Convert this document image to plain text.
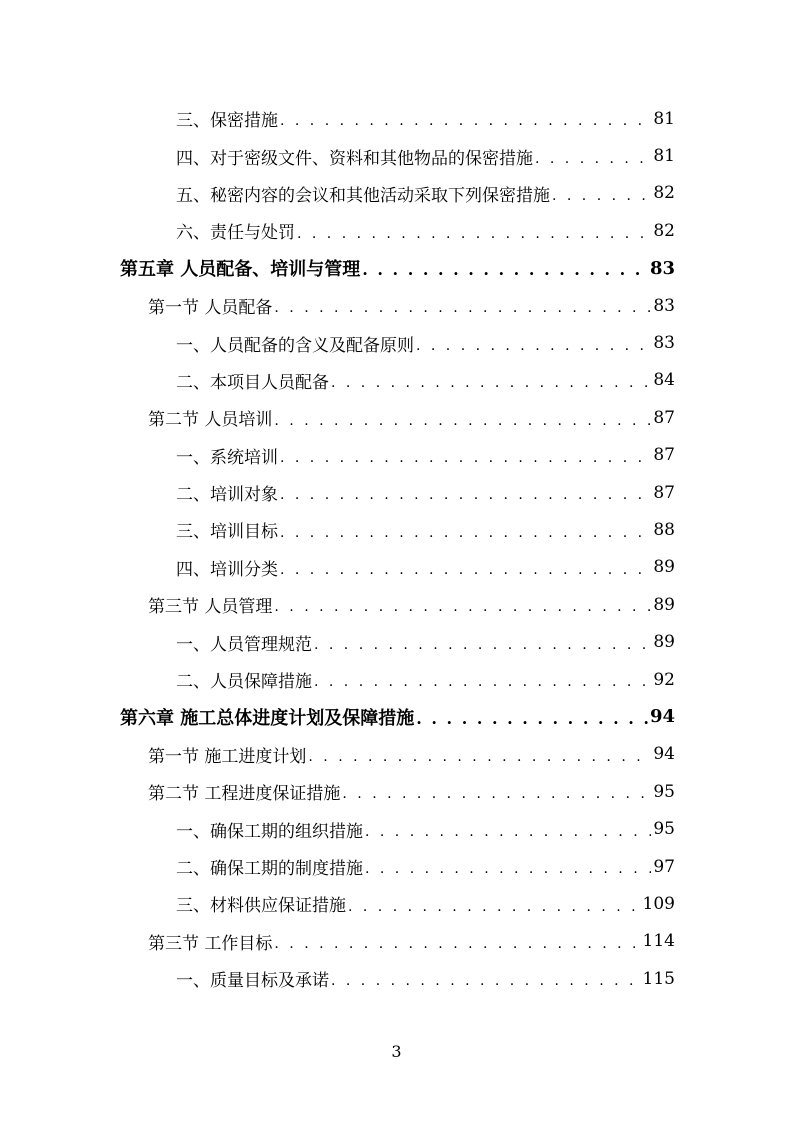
三、保密措施 . . .	81
四、对于密级文件、资料和其他物品的保密措施 . . .	81
五、秘密内容的会议和其他活动采取下列保密措施 . . .	82
六、责任与处罚 . . .	82
第五章 人员配备、培训与管理 . . .	83
第一节 人员配备 . . .	83
一、人员配备的含义及配备原则 . . .	83
二、本项目人员配备 . . .	84
第二节 人员培训 . . .	87
一、系统培训 . . .	87
二、培训对象 . . .	87
三、培训目标 . . .	88
四、培训分类 . . .	89
第三节 人员管理 . . .	89
一、人员管理规范 . . .	89
二、人员保障措施 . . .	92
第六章 施工总体进度计划及保障措施 . . .	94
第一节 施工进度计划 . . .	94
第二节 工程进度保证措施 . . .	95
一、确保工期的组织措施 . . .	95
二、确保工期的制度措施 . . .	97
三、材料供应保证措施 . . .	109
第三节 工作目标 . . .	114
一、质量目标及承诺 . . .	115
3
